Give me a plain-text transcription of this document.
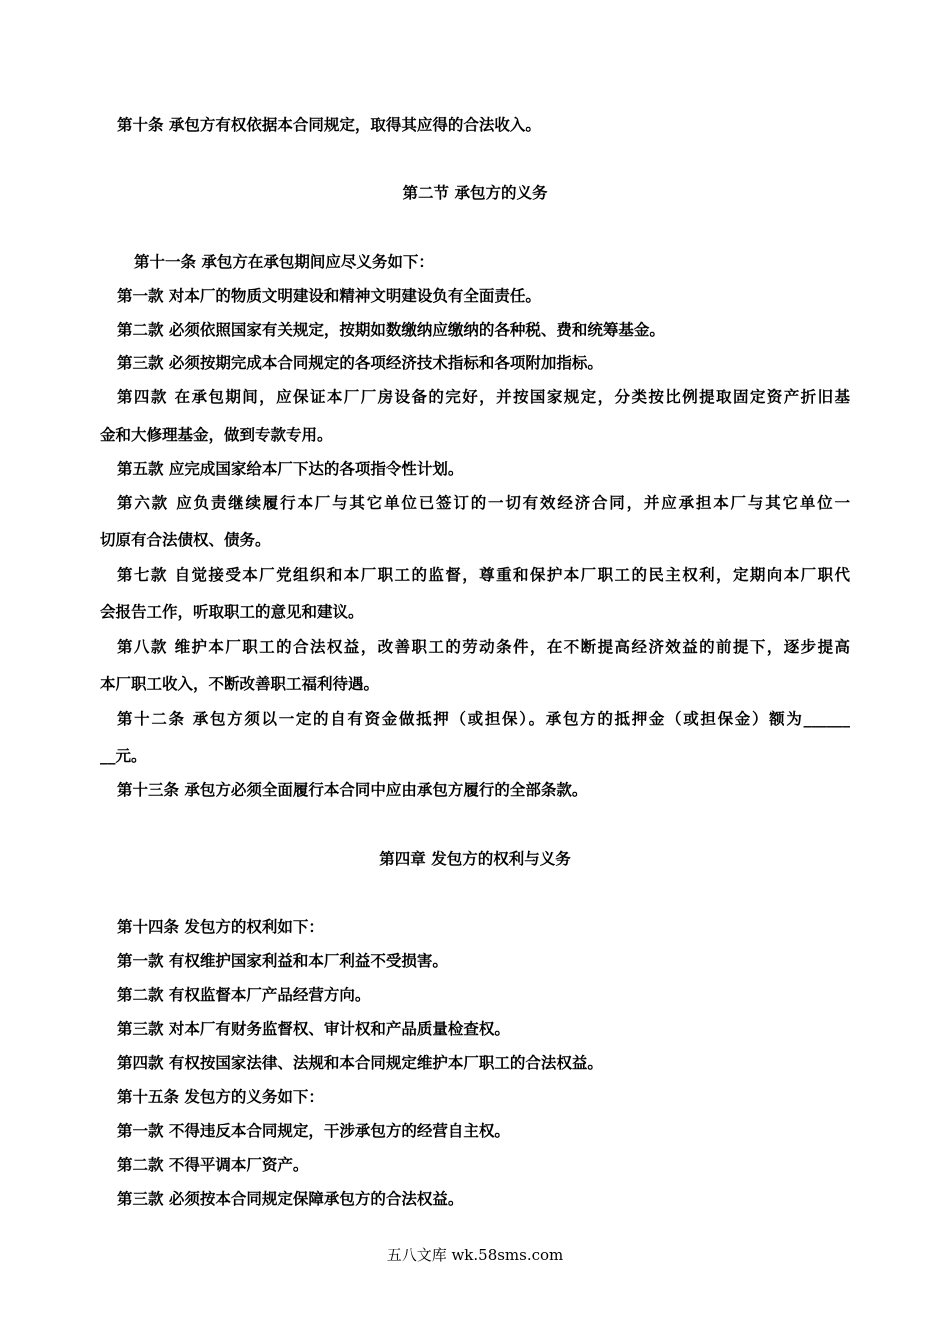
第十条 承包方有权依据本合同规定，取得其应得的合法收入。

第二节 承包方的义务

第十一条 承包方在承包期间应尽义务如下：

第一款 对本厂的物质文明建设和精神文明建设负有全面责任。

第二款 必须依照国家有关规定，按期如数缴纳应缴纳的各种税、费和统筹基金。

第三款 必须按期完成本合同规定的各项经济技术指标和各项附加指标。

第四款 在承包期间，应保证本厂厂房设备的完好，并按国家规定，分类按比例提取固定资产折旧基

金和大修理基金，做到专款专用。

第五款 应完成国家给本厂下达的各项指令性计划。

第六款 应负责继续履行本厂与其它单位已签订的一切有效经济合同，并应承担本厂与其它单位一

切原有合法债权、债务。

第七款 自觉接受本厂党组织和本厂职工的监督，尊重和保护本厂职工的民主权利，定期向本厂职代

会报告工作，听取职工的意见和建议。

第八款 维护本厂职工的合法权益，改善职工的劳动条件，在不断提高经济效益的前提下，逐步提高

本厂职工收入，不断改善职工福利待遇。

第十二条 承包方须以一定的自有资金做抵押（或担保）。承包方的抵押金（或担保金）额为______

__元。

第十三条 承包方必须全面履行本合同中应由承包方履行的全部条款。

第四章 发包方的权利与义务

第十四条 发包方的权利如下：

第一款 有权维护国家利益和本厂利益不受损害。

第二款 有权监督本厂产品经营方向。

第三款 对本厂有财务监督权、审计权和产品质量检查权。

第四款 有权按国家法律、法规和本合同规定维护本厂职工的合法权益。

第十五条 发包方的义务如下：

第一款 不得违反本合同规定，干涉承包方的经营自主权。

第二款 不得平调本厂资产。

第三款 必须按本合同规定保障承包方的合法权益。

五八文库 wk.58sms.com
